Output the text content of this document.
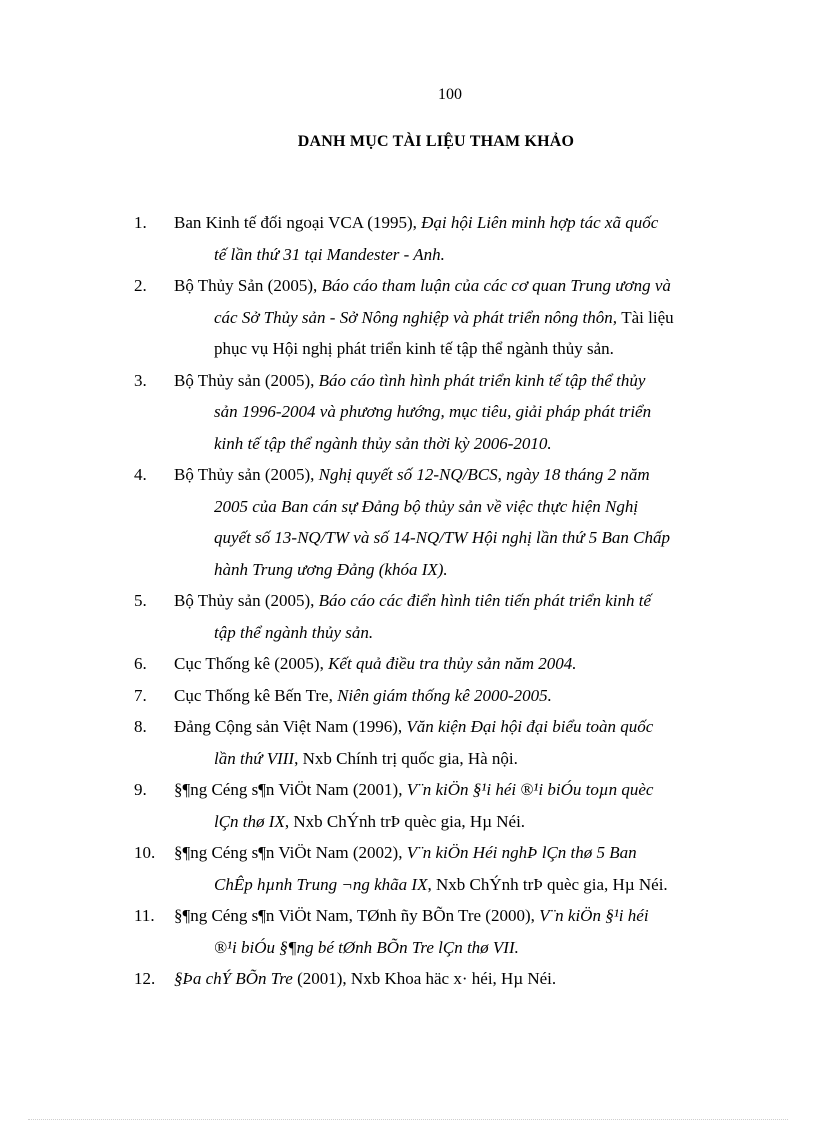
100
DANH MỤC TÀI LIỆU THAM KHẢO
1.	Ban Kinh tế đối ngoại VCA (1995), Đại hội Liên minh hợp tác xã quốc
tế lần thứ 31 tại Mandester - Anh.
2.	Bộ Thủy Sản (2005), Báo cáo tham luận của các cơ quan Trung ương và
các Sở Thủy sản - Sở Nông nghiệp và phát triển nông thôn, Tài liệu
phục vụ Hội nghị phát triển kinh tế tập thể ngành thủy sản.
3.	Bộ Thủy sản (2005), Báo cáo tình hình phát triển kinh tế tập thể thủy
sản 1996-2004 và phương hướng, mục tiêu, giải pháp phát triển
kinh tế tập thể ngành thủy sản thời kỳ 2006-2010.
4.	Bộ Thủy sản (2005), Nghị quyết số 12-NQ/BCS, ngày 18 tháng 2 năm
2005 của Ban cán sự Đảng bộ thủy sản về việc thực hiện Nghị
quyết số 13-NQ/TW và số 14-NQ/TW Hội nghị lần thứ 5 Ban Chấp
hành Trung ương Đảng (khóa IX).
5.	Bộ Thủy sản (2005), Báo cáo các điển hình tiên tiến phát triển kinh tế
tập thể ngành thủy sản.
6.	Cục Thống kê (2005), Kết quả điều tra thủy sản năm 2004.
7.	Cục Thống kê Bến Tre, Niên giám thống kê 2000-2005.
8.	Đảng Cộng sản Việt Nam (1996), Văn kiện Đại hội đại biểu toàn quốc
lần thứ VIII, Nxb Chính trị quốc gia, Hà nội.
9.	§¶ng Céng s¶n ViÖt Nam (2001), V¨n kiÖn §¹i héi ®¹i biÓu toµn quèc
lÇn thø IX, Nxb ChÝnh trÞ quèc gia, Hµ Néi.
10.	§¶ng Céng s¶n ViÖt Nam (2002), V¨n kiÖn Héi nghÞ lÇn thø 5 Ban
ChÊp hµnh Trung ¬ng khãa IX, Nxb ChÝnh trÞ quèc gia, Hµ Néi.
11.	§¶ng Céng s¶n ViÖt Nam, TØnh ñy BÕn Tre (2000), V¨n kiÖn §¹i héi
®¹i biÓu §¶ng bé tØnh BÕn Tre lÇn thø VII.
12.	§Þa chÝ BÕn Tre (2001), Nxb Khoa häc x· héi, Hµ Néi.
